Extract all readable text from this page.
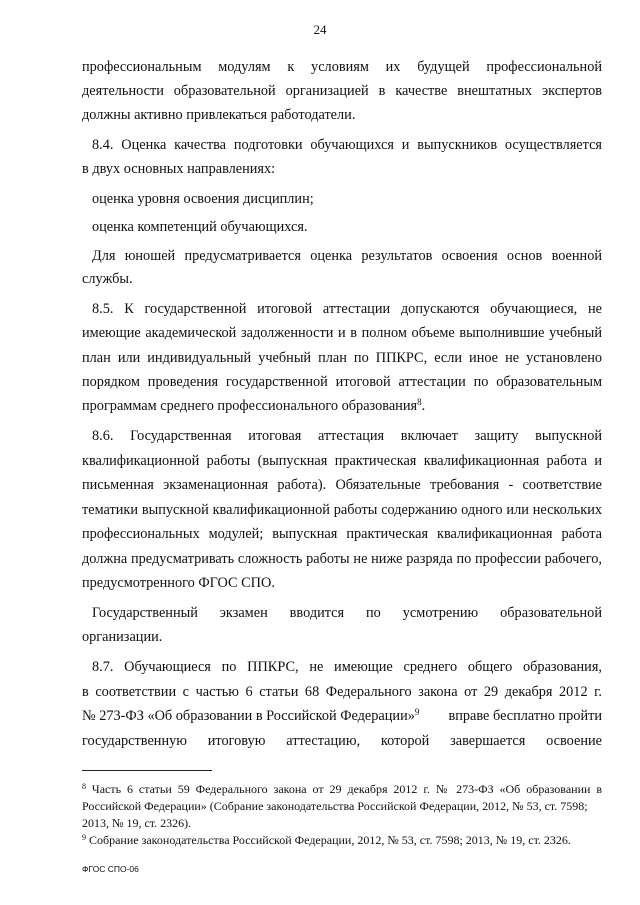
24
профессиональным модулям к условиям их будущей профессиональной
деятельности образовательной организацией в качестве внештатных экспертов
должны активно привлекаться работодатели.
8.4. Оценка качества подготовки обучающихся и выпускников осуществляется
в двух основных направлениях:
оценка уровня освоения дисциплин;
оценка компетенций обучающихся.
Для юношей предусматривается оценка результатов освоения основ военной
службы.
8.5. К государственной итоговой аттестации допускаются обучающиеся, не
имеющие академической задолженности и в полном объеме выполнившие учебный
план или индивидуальный учебный план по ППКРС, если иное не установлено
порядком проведения государственной итоговой аттестации по образовательным
программам среднего профессионального образования$^8$.
8.6. Государственная итоговая аттестация включает защиту выпускной
квалификационной работы (выпускная практическая квалификационная работа и
письменная экзаменационная работа). Обязательные требования - соответствие
тематики выпускной квалификационной работы содержанию одного или нескольких
профессиональных модулей; выпускная практическая квалификационная работа
должна предусматривать сложность работы не ниже разряда по профессии рабочего,
предусмотренного ФГОС СПО.
Государственный экзамен вводится по усмотрению образовательной
организации.
8.7. Обучающиеся по ППКРС, не имеющие среднего общего образования,
в соответствии с частью 6 статьи 68 Федерального закона от 29 декабря 2012 г.
№ 273-ФЗ «Об образовании в Российской Федерации»$^9$ вправе бесплатно пройти
государственную итоговую аттестацию, которой завершается освоение
$^8$ Часть 6 статьи 59 Федерального закона от 29 декабря 2012 г. № 273-ФЗ «Об образовании в
Российской Федерации» (Собрание законодательства Российской Федерации, 2012, № 53, ст. 7598;
2013, № 19, ст. 2326).
$^9$ Собрание законодательства Российской Федерации, 2012, № 53, ст. 7598; 2013, № 19, ст. 2326.
ФГОС СПО-06
